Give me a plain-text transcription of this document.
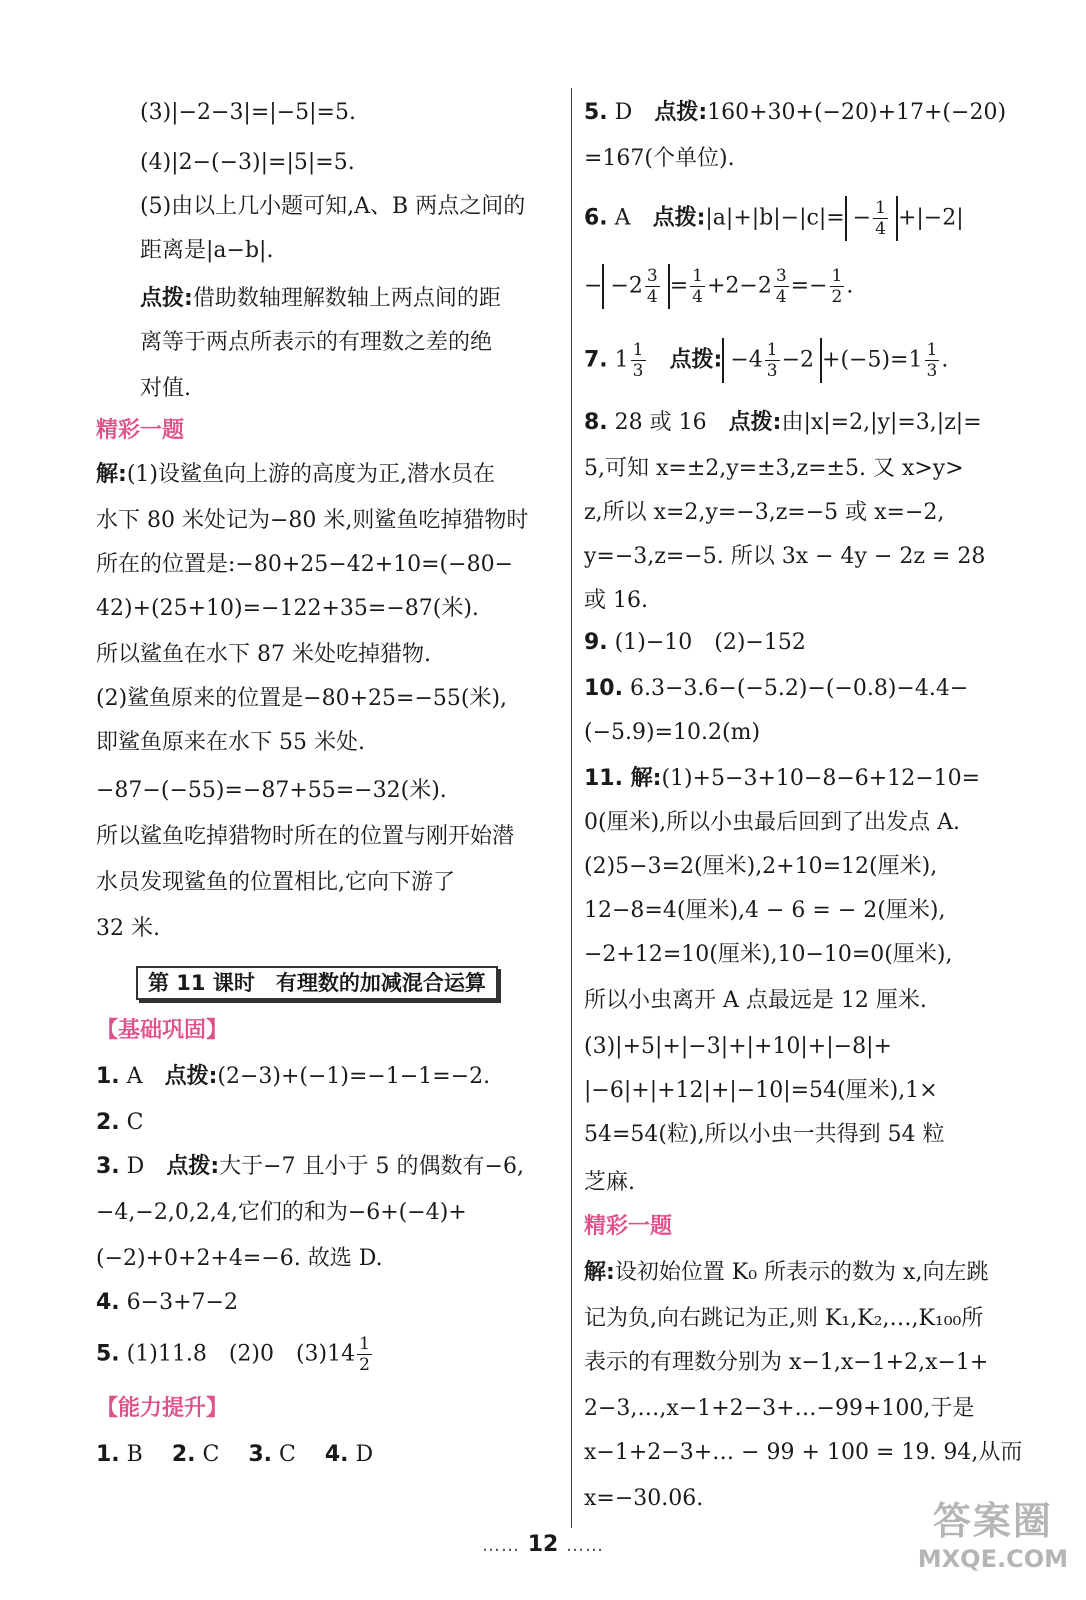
(3)|−2−3|=|−5|=5.
(4)|2−(−3)|=|5|=5.
(5)由以上几小题可知,A、B 两点之间的
距离是|a−b|.
点拨:借助数轴理解数轴上两点间的距
离等于两点所表示的有理数之差的绝
对值.
精彩一题
解:(1)设鲨鱼向上游的高度为正,潜水员在
水下 80 米处记为−80 米,则鲨鱼吃掉猎物时
所在的位置是:−80+25−42+10=(−80−
42)+(25+10)=−122+35=−87(米).
所以鲨鱼在水下 87 米处吃掉猎物.
(2)鲨鱼原来的位置是−80+25=−55(米),
即鲨鱼原来在水下 55 米处.
−87−(−55)=−87+55=−32(米).
所以鲨鱼吃掉猎物时所在的位置与刚开始潜
水员发现鲨鱼的位置相比,它向下游了
32 米.
第 11 课时　有理数的加减混合运算
【基础巩固】
1. A　点拨:(2−3)+(−1)=−1−1=−2.
2. C
3. D　点拨:大于−7 且小于 5 的偶数有−6,
−4,−2,0,2,4,它们的和为−6+(−4)+
(−2)+0+2+4=−6. 故选 D.
4. 6−3+7−2
5. (1)11.8　(2)0　$(3)14 \frac{1}{2}$
【能力提升】
1. B　 2. C　 3. C　 4. D
5. D　点拨:160+30+(−20)+17+(−20)
=167(个单位).
6. A　点拨:|a|+|b|−|c|= − $\frac{1}{4} +|-2|$
− $-2 \frac{3}{4} = \frac{1}{4} +2-2 \frac{3}{4} =- \frac{1}{2}$ .
7. $1 \frac{1}{3}$
　 点拨: $-4 \frac{1}{3} -2 +(-5)=1 \frac{1}{3}$ .
8. 28 或 16　点拨:由|x|=2,|y|=3,|z|=
5,可知 x=±2,y=±3,z=±5. 又 x>y>
z,所以 x=2,y=−3,z=−5 或 x=−2,
y=−3,z=−5. 所以 3x − 4y − 2z = 28
或 16.
9. (1)−10　(2)−152
10. 6.3−3.6−(−5.2)−(−0.8)−4.4−
(−5.9)=10.2(m)
11. 解:(1)+5−3+10−8−6+12−10=
0(厘米),所以小虫最后回到了出发点 A.
(2)5−3=2(厘米),2+10=12(厘米),
12−8=4(厘米),4 − 6 = − 2(厘米),
−2+12=10(厘米),10−10=0(厘米),
所以小虫离开 A 点最远是 12 厘米.
(3)|+5|+|−3|+|+10|+|−8|+
|−6|+|+12|+|−10|=54(厘米),1×
54=54(粒),所以小虫一共得到 54 粒
芝麻.
精彩一题
解:设初始位置 K₀ 所表示的数为 x,向左跳
记为负,向右跳记为正,则 K₁,K₂,…,K₁₀₀所
表示的有理数分别为 x−1,x−1+2,x−1+
2−3,…,x−1+2−3+…−99+100,于是
x−1+2−3+… − 99 + 100 = 19. 94,从而
x=−30.06.
…… 12 ……
答案圈
MXQE.COM
